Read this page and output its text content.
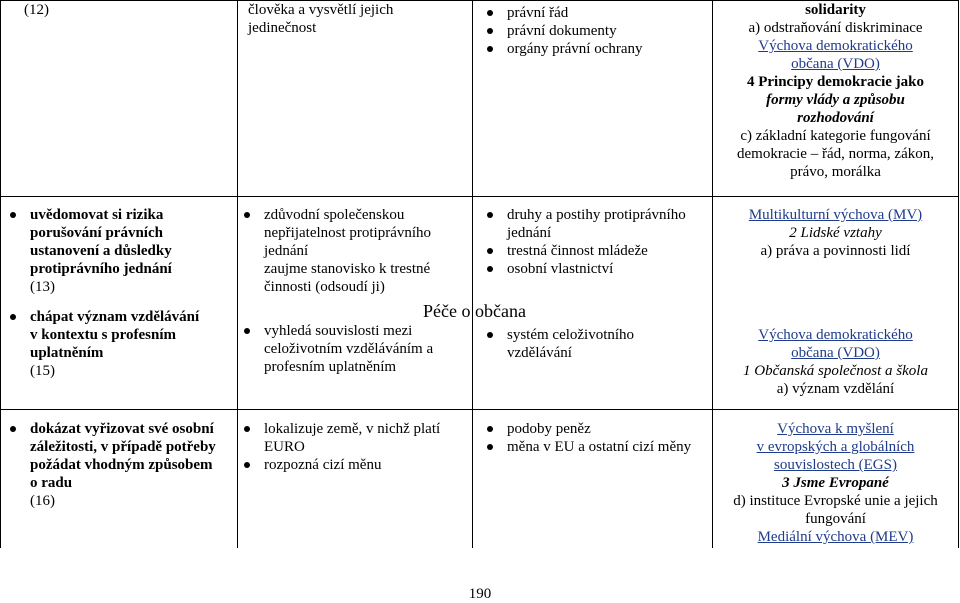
(12)	člověka a vysvětlí jejich
jedinečnost
právní řád
právní dokumenty
orgány právní ochrany
solidarity
a) odstraňování diskriminace
Výchova demokratického
občana (VDO)
4 Principy demokracie jako
formy vlády a způsobu
rozhodování
c) základní kategorie fungování
demokracie – řád, norma, zákon,
právo, morálka
uvědomovat si rizika
porušování právních
ustanovení a důsledky
protiprávního jednání
(13)
chápat význam vzdělávání
v kontextu s profesním
uplatněním
(15)
zdůvodní společenskou
nepřijatelnost protiprávního
jednání
zaujme stanovisko k trestné
činnosti (odsoudí ji)
vyhledá souvislosti mezi
celoživotním vzděláváním a
profesním uplatněním
druhy a postihy protiprávního
jednání
trestná činnost mládeže
osobní vlastnictví
Péče o občana
systém celoživotního
vzdělávání
Multikulturní výchova (MV)
2 Lidské vztahy
a) práva a povinnosti lidí
Výchova demokratického
občana (VDO)
1 Občanská společnost a škola
a) význam vzdělání
dokázat vyřizovat své osobní
záležitosti, v případě potřeby
požádat vhodným způsobem
o radu
(16)
lokalizuje země, v nichž platí
EURO
rozpozná cizí měnu
podoby peněz
měna v EU a ostatní cizí měny
Výchova k myšlení
v evropských a globálních
souvislostech (EGS)
3 Jsme Evropané
d) instituce Evropské unie a jejich
fungování
Mediální výchova (MEV)
190
